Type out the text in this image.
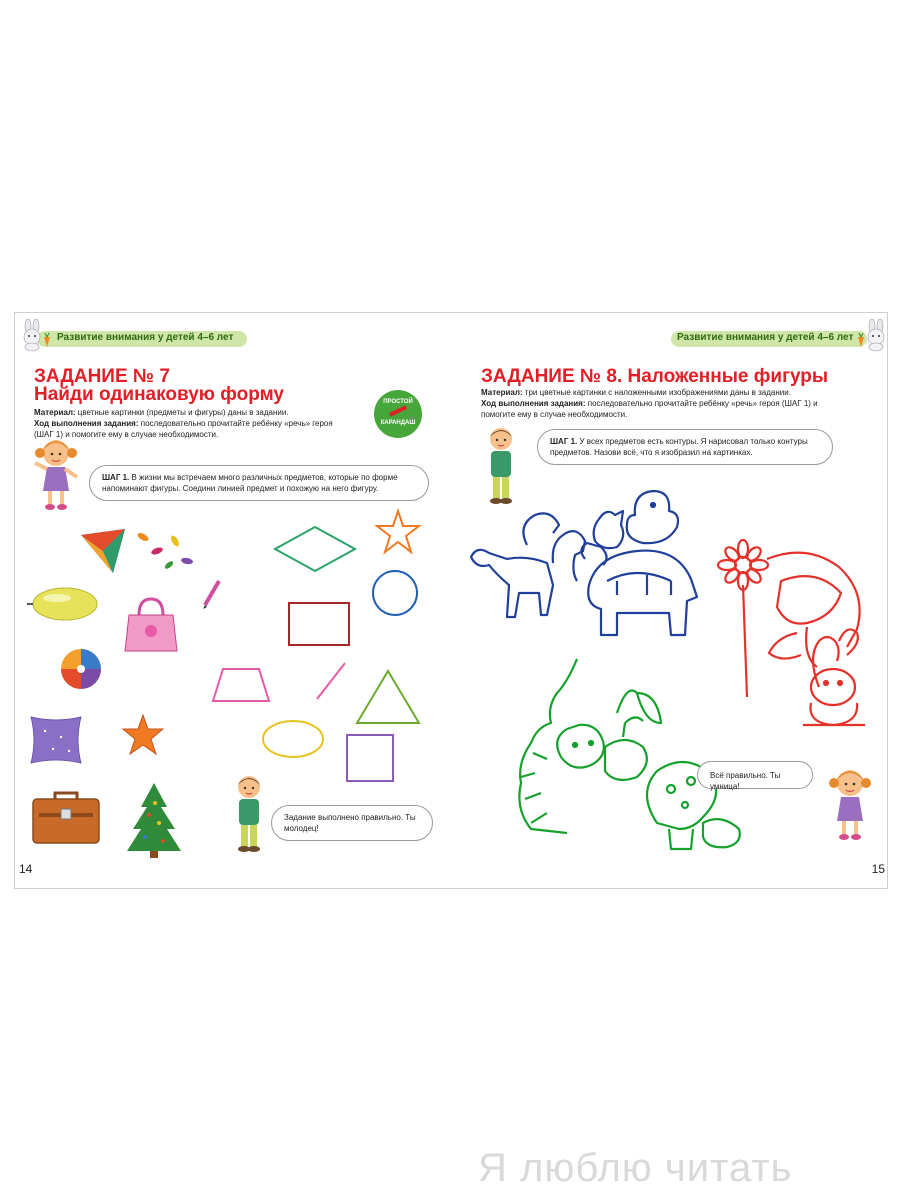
Развитие внимания у детей 4–6 лет
ЗАДАНИЕ № 7
Найди одинаковую форму
Материал: цветные картинки (предметы и фигуры) даны в задании.
Ход выполнения задания: последовательно прочитайте ребёнку «речь» героя (ШАГ 1) и помогите ему в случае необходимости.
ПРОСТОЙ

КАРАНДАШ
ШАГ 1. В жизни мы встречаем много различных предметов, которые по форме напоминают фигуры. Соедини линией предмет и похожую на него фигуру.
Задание выполнено правильно. Ты молодец!
14
Развитие внимания у детей 4–6 лет
ЗАДАНИЕ № 8. Наложенные фигуры
Материал: три цветные картинки с наложенными изображениями даны в задании.
Ход выполнения задания: последовательно прочитайте ребёнку «речь» героя (ШАГ 1) и помогите ему в случае необходимости.
ШАГ 1. У всех предметов есть контуры. Я нарисовал только контуры предметов. Назови всё, что я изобразил на картинках.
Всё правильно. Ты умница!
15
Я люблю читать
